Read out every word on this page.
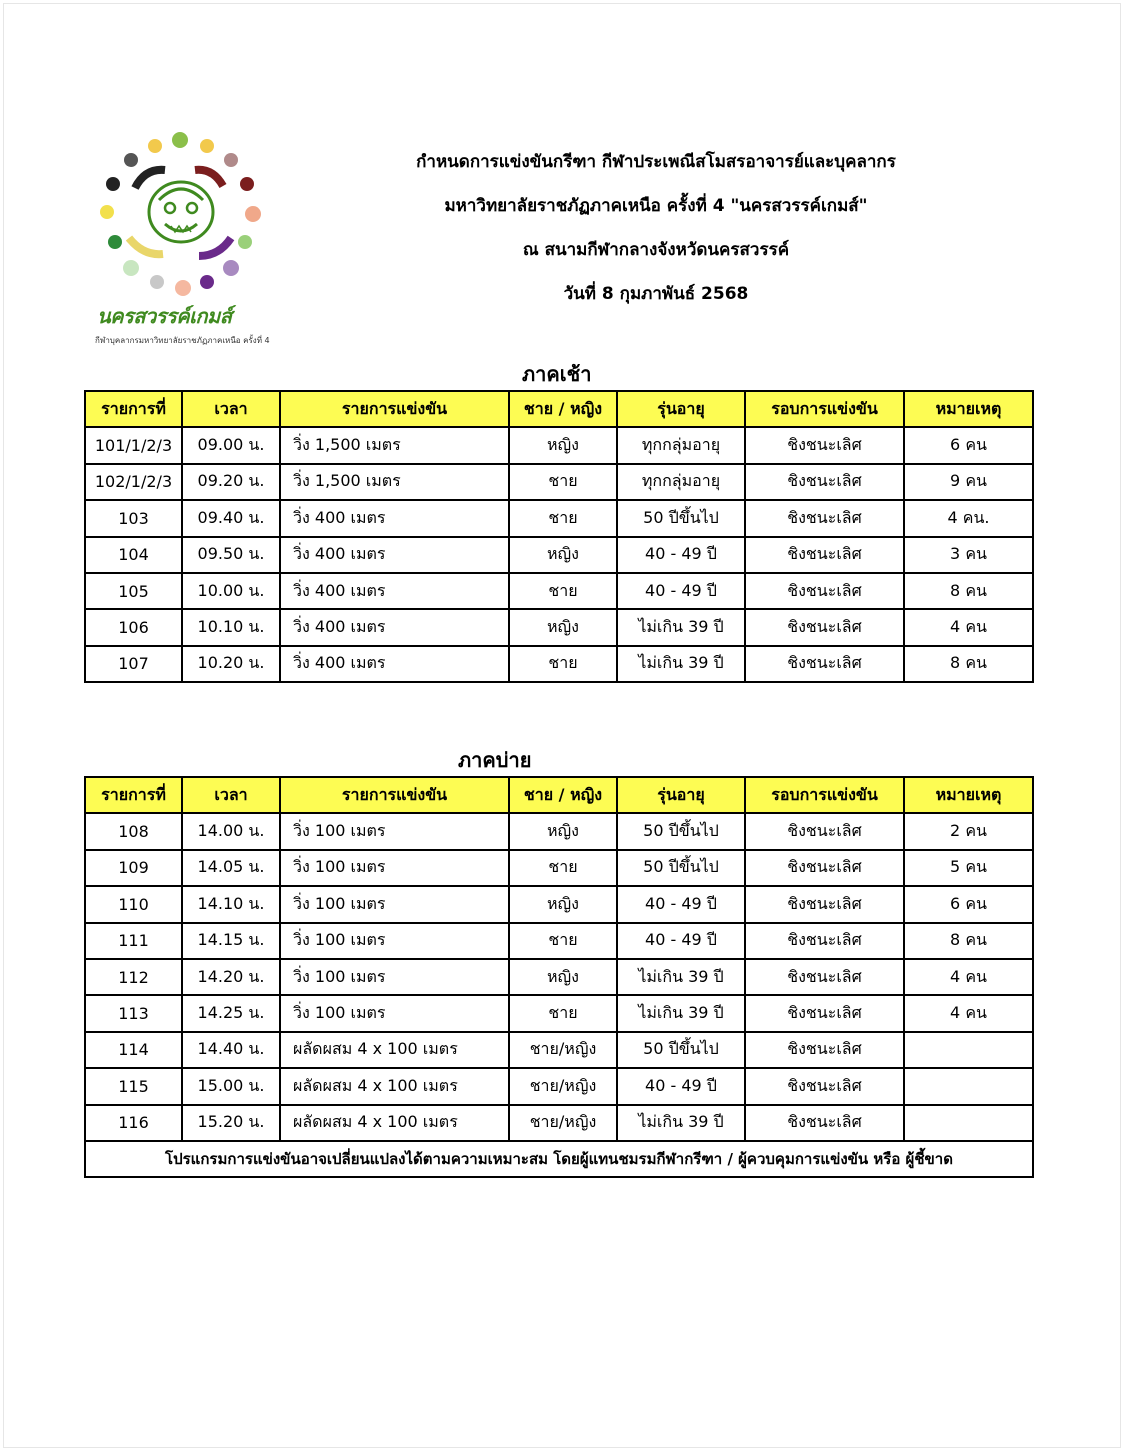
นครสวรรค์เกมส์
กีฬาบุคลากรมหาวิทยาลัยราชภัฏภาคเหนือ ครั้งที่ 4
กำหนดการแข่งขันกรีฑา กีฬาประเพณีสโมสรอาจารย์และบุคลากร
มหาวิทยาลัยราชภัฏภาคเหนือ ครั้งที่ 4 "นครสวรรค์เกมส์"
ณ สนามกีฬากลางจังหวัดนครสวรรค์
วันที่ 8 กุมภาพันธ์ 2568
ภาคเช้า
รายการที่	เวลา	รายการแข่งขัน	ชาย / หญิง	รุ่นอายุ	รอบการแข่งขัน	หมายเหตุ
101/1/2/3	09.00 น.	วิ่ง 1,500 เมตร	หญิง	ทุกกลุ่มอายุ	ชิงชนะเลิศ	6 คน
102/1/2/3	09.20 น.	วิ่ง 1,500 เมตร	ชาย	ทุกกลุ่มอายุ	ชิงชนะเลิศ	9 คน
103	09.40 น.	วิ่ง 400 เมตร	ชาย	50 ปีขึ้นไป	ชิงชนะเลิศ	4 คน.
104	09.50 น.	วิ่ง 400 เมตร	หญิง	40 - 49 ปี	ชิงชนะเลิศ	3 คน
105	10.00 น.	วิ่ง 400 เมตร	ชาย	40 - 49 ปี	ชิงชนะเลิศ	8 คน
106	10.10 น.	วิ่ง 400 เมตร	หญิง	ไม่เกิน 39 ปี	ชิงชนะเลิศ	4 คน
107	10.20 น.	วิ่ง 400 เมตร	ชาย	ไม่เกิน 39 ปี	ชิงชนะเลิศ	8 คน
ภาคบ่าย
รายการที่	เวลา	รายการแข่งขัน	ชาย / หญิง	รุ่นอายุ	รอบการแข่งขัน	หมายเหตุ
108	14.00 น.	วิ่ง 100 เมตร	หญิง	50 ปีขึ้นไป	ชิงชนะเลิศ	2 คน
109	14.05 น.	วิ่ง 100 เมตร	ชาย	50 ปีขึ้นไป	ชิงชนะเลิศ	5 คน
110	14.10 น.	วิ่ง 100 เมตร	หญิง	40 - 49 ปี	ชิงชนะเลิศ	6 คน
111	14.15 น.	วิ่ง 100 เมตร	ชาย	40 - 49 ปี	ชิงชนะเลิศ	8 คน
112	14.20 น.	วิ่ง 100 เมตร	หญิง	ไม่เกิน 39 ปี	ชิงชนะเลิศ	4 คน
113	14.25 น.	วิ่ง 100 เมตร	ชาย	ไม่เกิน 39 ปี	ชิงชนะเลิศ	4 คน
114	14.40 น.	ผลัดผสม 4 x 100 เมตร	ชาย/หญิง	50 ปีขึ้นไป	ชิงชนะเลิศ	
115	15.00 น.	ผลัดผสม 4 x 100 เมตร	ชาย/หญิง	40 - 49 ปี	ชิงชนะเลิศ	
116	15.20 น.	ผลัดผสม 4 x 100 เมตร	ชาย/หญิง	ไม่เกิน 39 ปี	ชิงชนะเลิศ	
โปรแกรมการแข่งขันอาจเปลี่ยนแปลงได้ตามความเหมาะสม โดยผู้แทนชมรมกีฬากรีฑา / ผู้ควบคุมการแข่งขัน หรือ ผู้ชี้ขาด						
